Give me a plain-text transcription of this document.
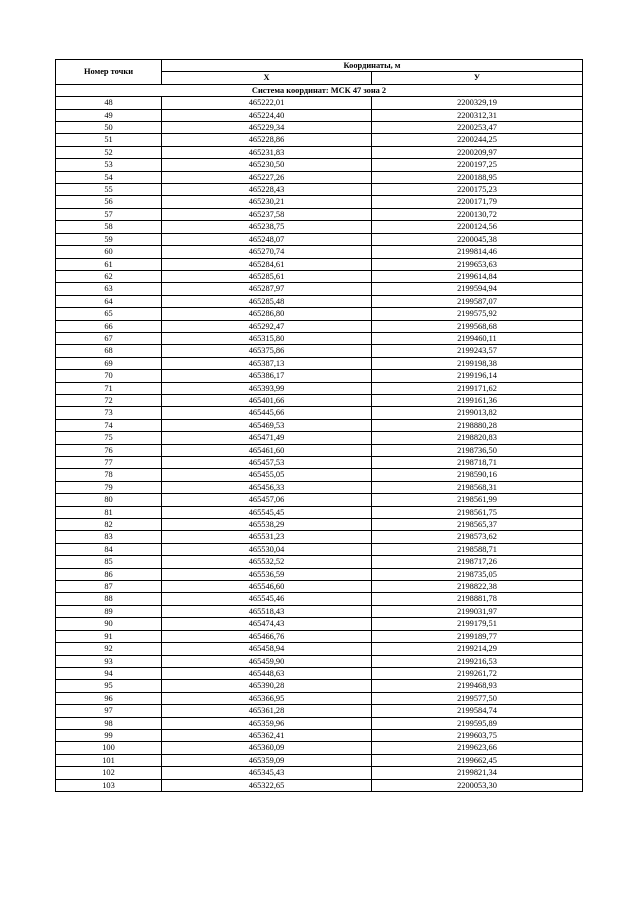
Номер точки	Координаты, м	
	X	У
Система координат: МСК 47 зона 2		
48	465222,01	2200329,19
49	465224,40	2200312,31
50	465229,34	2200253,47
51	465228,86	2200244,25
52	465231,83	2200209,97
53	465230,50	2200197,25
54	465227,26	2200188,95
55	465228,43	2200175,23
56	465230,21	2200171,79
57	465237,58	2200130,72
58	465238,75	2200124,56
59	465248,07	2200045,38
60	465270,74	2199814,46
61	465284,61	2199653,63
62	465285,61	2199614,84
63	465287,97	2199594,94
64	465285,48	2199587,07
65	465286,80	2199575,92
66	465292,47	2199568,68
67	465315,80	2199460,11
68	465375,86	2199243,57
69	465387,13	2199198,38
70	465386,17	2199196,14
71	465393,99	2199171,62
72	465401,66	2199161,36
73	465445,66	2199013,82
74	465469,53	2198880,28
75	465471,49	2198820,83
76	465461,60	2198736,50
77	465457,53	2198718,71
78	465455,05	2198590,16
79	465456,33	2198568,31
80	465457,06	2198561,99
81	465545,45	2198561,75
82	465538,29	2198565,37
83	465531,23	2198573,62
84	465530,04	2198588,71
85	465532,52	2198717,26
86	465536,59	2198735,05
87	465546,60	2198822,38
88	465545,46	2198881,78
89	465518,43	2199031,97
90	465474,43	2199179,51
91	465466,76	2199189,77
92	465458,94	2199214,29
93	465459,90	2199216,53
94	465448,63	2199261,72
95	465390,28	2199468,93
96	465366,95	2199577,50
97	465361,28	2199584,74
98	465359,96	2199595,89
99	465362,41	2199603,75
100	465360,09	2199623,66
101	465359,09	2199662,45
102	465345,43	2199821,34
103	465322,65	2200053,30
